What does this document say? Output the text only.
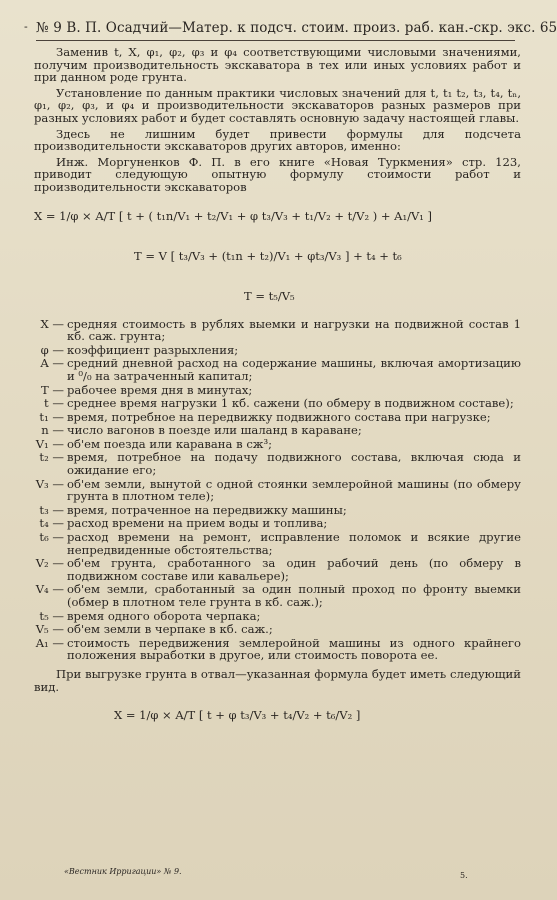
- № 9 В. П. Осадчий—Матер. к подсч. стоим. произ. раб. кан.-скр. экс. 65

Заменив t, X, φ₁, φ₂, φ₃ и φ₄ соответствующими числовыми значениями, получим производительность экскаватора в тех или иных условиях работ и при данном роде грунта.

Установление по данным практики числовых значений для t, t₁ t₂, t₃, t₄, tₙ, φ₁, φ₂, φ₃, и φ₄ и производительности экскаваторов разных размеров при разных условиях работ и будет составлять основную задачу настоящей главы.

Здесь не лишним будет привести формулы для подсчета производительности экскаваторов других авторов, именно:

Инж. Моргуненков Ф. П. в его книге «Новая Туркмения» стр. 123, приводит следующую опытную формулу стоимости работ и производительности экскаваторов

X = 1/φ × A/T [ t + ( t₁n/V₁ + t₂/V₁ + φ t₃/V₃ + t₁/V₂ + t/V₂ ) + A₁/V₁ ]
T = V [ t₃/V₃ + (t₁n + t₂)/V₁ + φt₃/V₃ ] + t₄ + t₆
T = t₅/V₅
X — средняя стоимость в рублях выемки и нагрузки на подвижной состав 1 кб. саж. грунта;
φ — коэффициент разрыхления;
A — средний дневной расход на содержание машины, включая амортизацию и ⁰/₀ на затраченный капитал;
T — рабочее время дня в минутах;
t — среднее время нагрузки 1 кб. сажени (по обмеру в подвижном составе);
t₁ — время, потребное на передвижку подвижного состава при нагрузке;
n — число вагонов в поезде или шаланд в караване;
V₁ — об'ем поезда или каравана в сж³;
t₂ — время, потребное на подачу подвижного состава, включая сюда и ожидание его;
V₃ — об'ем земли, вынутой с одной стоянки землеройной машины (по обмеру грунта в плотном теле);
t₃ — время, потраченное на передвижку машины;
t₄ — расход времени на прием воды и топлива;
t₆ — расход времени на ремонт, исправление поломок и всякие другие непредвиденные обстоятельства;
V₂ — об'ем грунта, сработанного за один рабочий день (по обмеру в подвижном составе или кавальере);
V₄ — об'ем земли, сработанный за один полный проход по фронту выемки (обмер в плотном теле грунта в кб. саж.);
t₅ — время одного оборота черпака;
V₅ — об'ем земли в черпаке в кб. саж.;
A₁ — стоимость передвижения землеройной машины из одного крайнего положения выработки в другое, или стоимость поворота ее.

При выгрузке грунта в отвал—указанная формула будет иметь следующий вид.

X = 1/φ × A/T [ t + φ t₃/V₃ + t₄/V₂ + t₆/V₂ ]
«Вестник Ирригации» № 9.	5.
